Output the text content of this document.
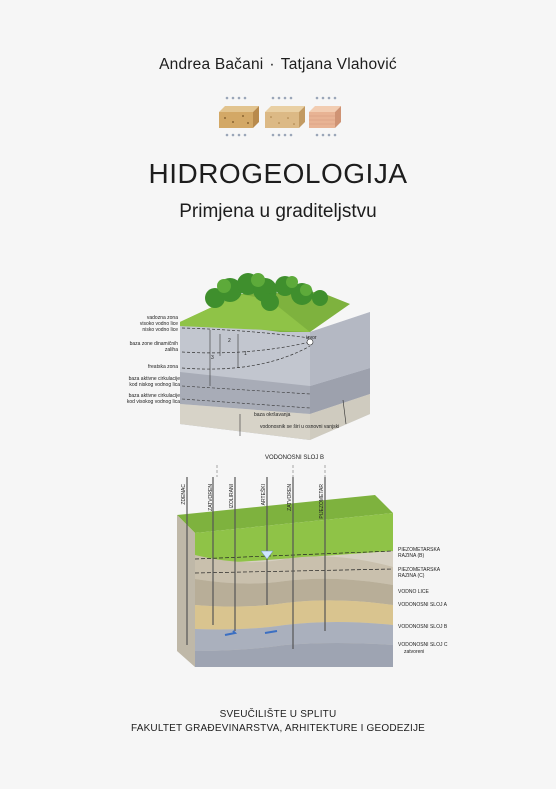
Andrea Bačani · Tatjana Vlahović
HIDROGEOLOGIJA
Primjena u graditeljstvu
vadozna zona
visoko vodno lice
nisko vodno lice
baza zone dinamičnih zaliha
freatska zona
baza aktivne cirkulacije kod niskog vodnog lica
baza aktivne cirkulacije kod visokog vodnog lica
izvor
2
1
3
baza okršavanja
vodonosnik se širi u osnovni vanjski
VODONOSNI SLOJ B
ZDENAC	ZATVOREN	IZOLIRANI	ARTEŠKI	ZATVOREN	PIJEZOMETAR
PIEZOMETARSKA RAZINA (B)
PIEZOMETARSKA RAZINA (C)
VODNO LICE
VODONOSNI SLOJ A
VODONOSNI SLOJ B
VODONOSNI SLOJ C
zatvoreni
SVEUČILIŠTE U SPLITU
FAKULTET GRAĐEVINARSTVA, ARHITEKTURE I GEODEZIJE
